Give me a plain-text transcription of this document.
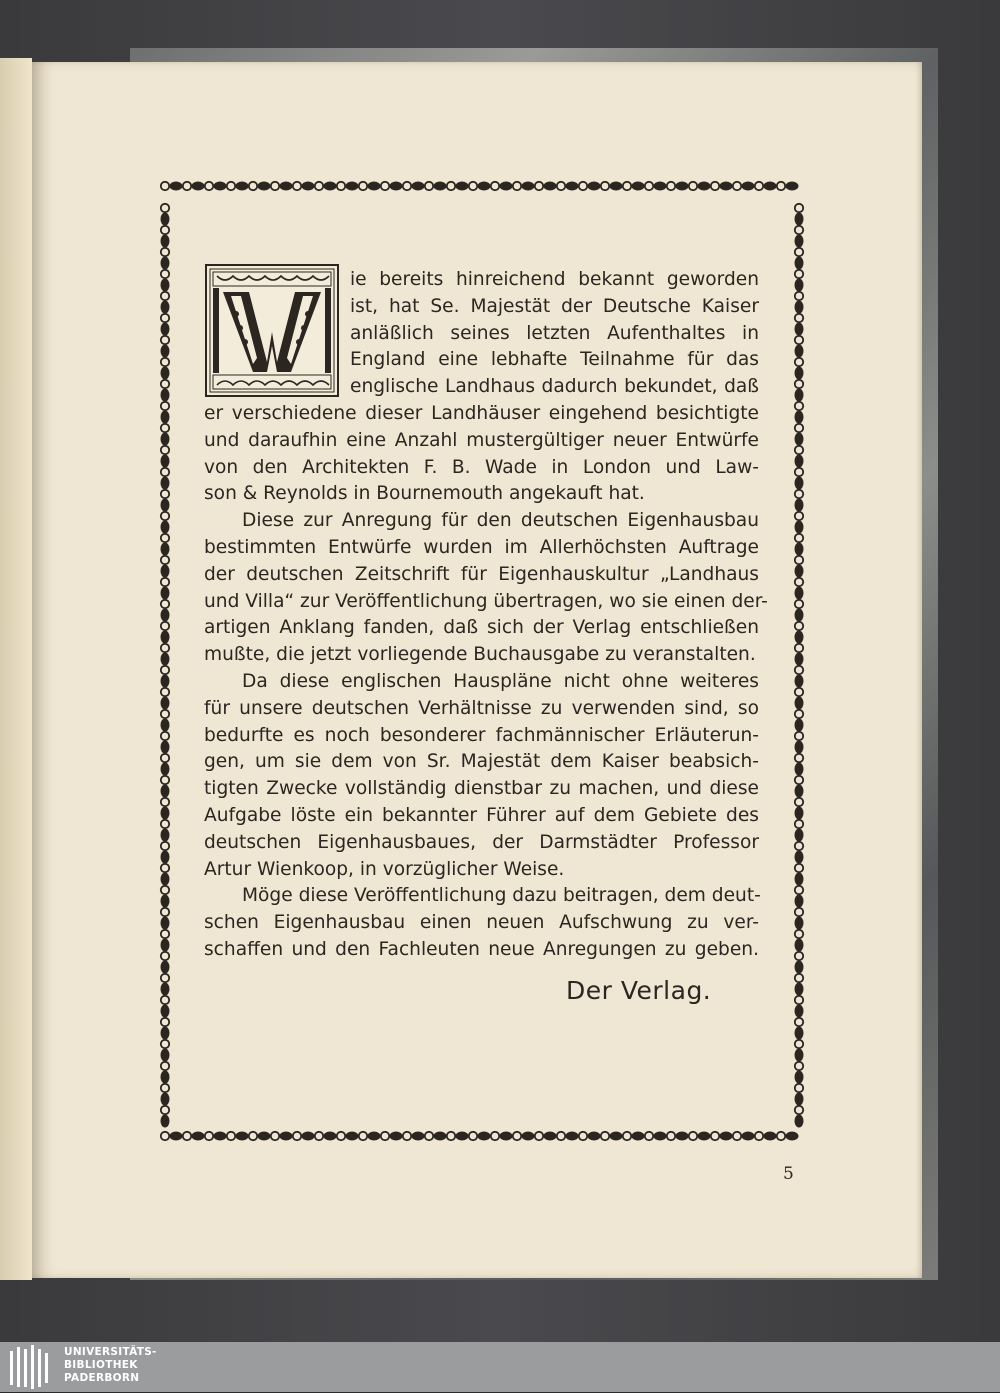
ie bereits hinreichend bekannt geworden
ist, hat Se. Majestät der Deutsche Kaiser
anläßlich seines letzten Aufenthaltes in
England eine lebhafte Teilnahme für das
englische Landhaus dadurch bekundet, daß
er verschiedene dieser Landhäuser eingehend besichtigte
und daraufhin eine Anzahl mustergültiger neuer Entwürfe
von den Architekten F. B. Wade in London und Law-
son & Reynolds in Bournemouth angekauft hat.
Diese zur Anregung für den deutschen Eigenhausbau
bestimmten Entwürfe wurden im Allerhöchsten Auftrage
der deutschen Zeitschrift für Eigenhauskultur „Landhaus
und Villa“ zur Veröffentlichung übertragen, wo sie einen der-
artigen Anklang fanden, daß sich der Verlag entschließen
mußte, die jetzt vorliegende Buchausgabe zu veranstalten.
Da diese englischen Hauspläne nicht ohne weiteres
für unsere deutschen Verhältnisse zu verwenden sind, so
bedurfte es noch besonderer fachmännischer Erläuterun-
gen, um sie dem von Sr. Majestät dem Kaiser beabsich-
tigten Zwecke vollständig dienstbar zu machen, und diese
Aufgabe löste ein bekannter Führer auf dem Gebiete des
deutschen Eigenhausbaues, der Darmstädter Professor
Artur Wienkoop, in vorzüglicher Weise.
Möge diese Veröffentlichung dazu beitragen, dem deut-
schen Eigenhausbau einen neuen Aufschwung zu ver-
schaffen und den Fachleuten neue Anregungen zu geben.
Der Verlag.
5
UNIVERSITÄTS-
BIBLIOTHEK
PADERBORN
